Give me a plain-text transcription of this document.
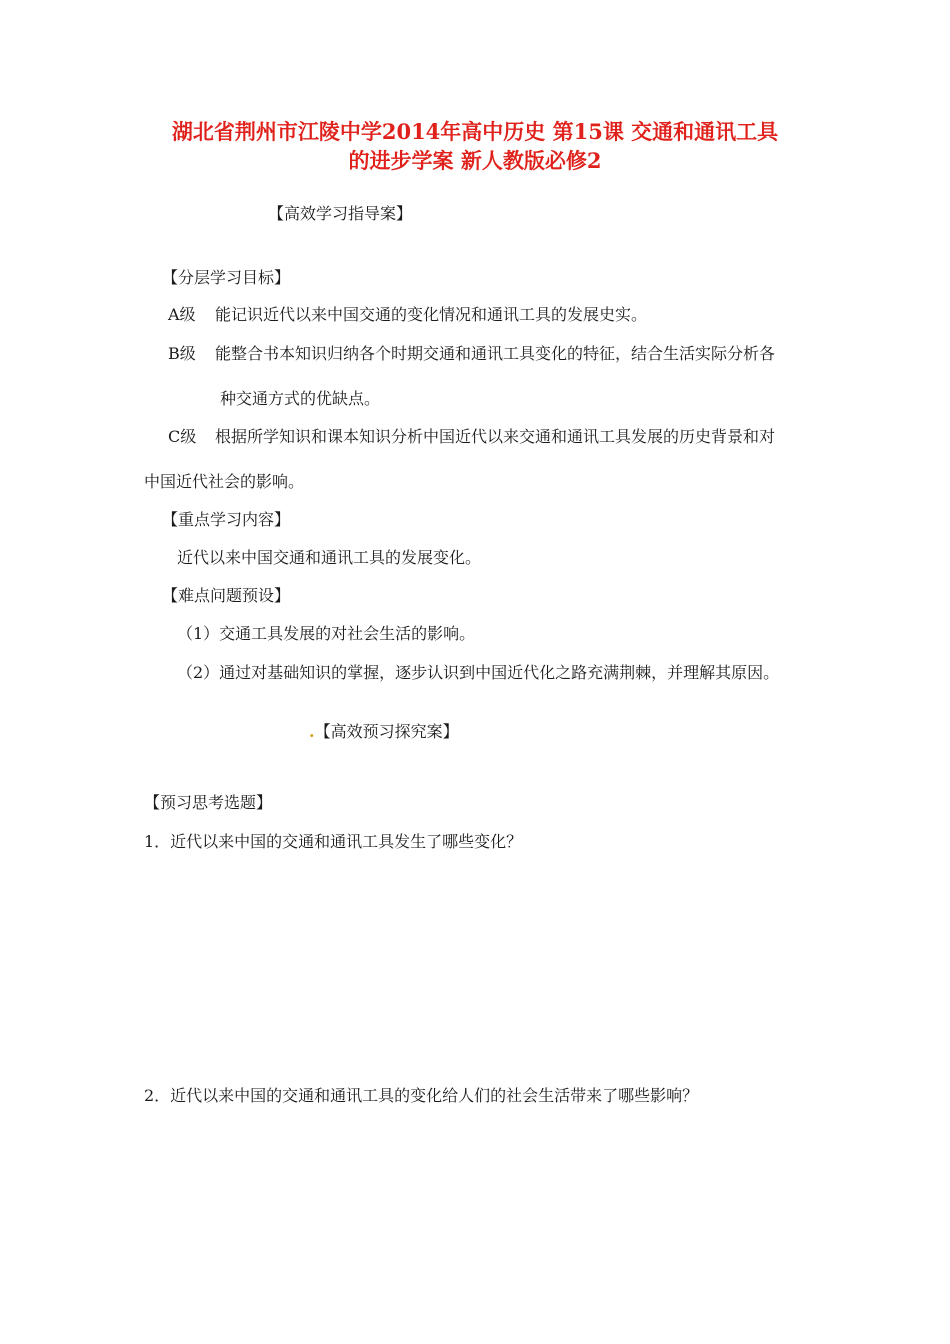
湖北省荆州市江陵中学2014年高中历史 第15课 交通和通讯工具
的进步学案 新人教版必修2
【高效学习指导案】
【分层学习目标】
A级 能记识近代以来中国交通的变化情况和通讯工具的发展史实。
B级 能整合书本知识归纳各个时期交通和通讯工具变化的特征，结合生活实际分析各
种交通方式的优缺点。
C级 根据所学知识和课本知识分析中国近代以来交通和通讯工具发展的历史背景和对
中国近代社会的影响。
【重点学习内容】
近代以来中国交通和通讯工具的发展变化。
【难点问题预设】
（1）交通工具发展的对社会生活的影响。
（2）通过对基础知识的掌握，逐步认识到中国近代化之路充满荆棘，并理解其原因。
.【高效预习探究案】
【预习思考选题】
1．近代以来中国的交通和通讯工具发生了哪些变化？
2．近代以来中国的交通和通讯工具的变化给人们的社会生活带来了哪些影响？
